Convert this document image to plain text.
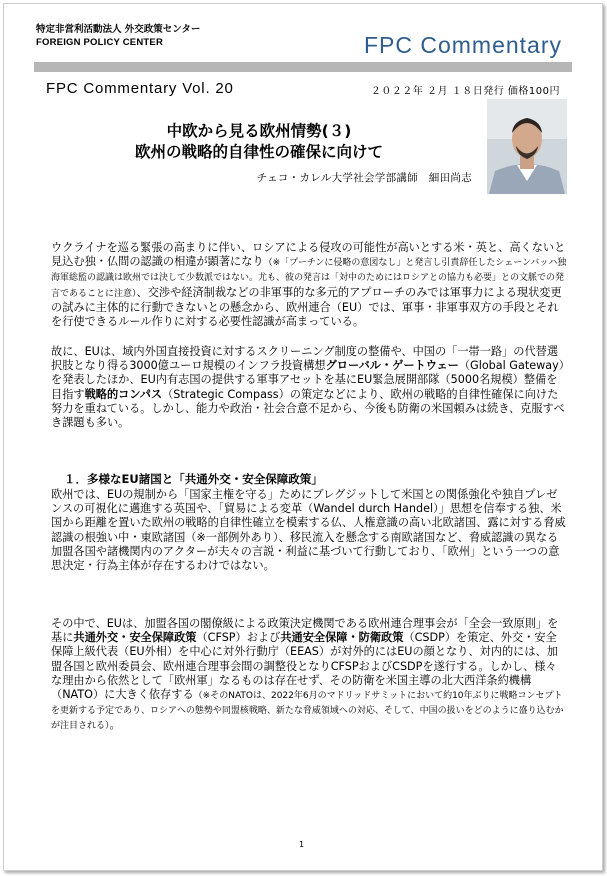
特定非営利活動法人 外交政策センター
FOREIGN POLICY CENTER	FPC Commentary
FPC Commentary Vol. 20	２０２２年 ２月 １８日発行 価格100円
中欧から見る欧州情勢(３)
欧州の戦略的自律性の確保に向けて
チェコ・カレル大学社会学部講師　細田尚志

ウクライナを巡る緊張の高まりに伴い、ロシアによる侵攻の可能性が高いとする米・英と、高くないと見込む独・仏間の認識の相違が顕著になり（※「プーチンに侵略の意図なし」と発言し引責辞任したシェーンバッハ独海軍総監の認識は欧州では決して少数派ではない。尤も、彼の発言は「対中のためにはロシアとの協力も必要」との文脈での発言であることに注意）、交渉や経済制裁などの非軍事的な多元的アプローチのみでは軍事力による現状変更の試みに主体的に行動できないとの懸念から、欧州連合（EU）では、軍事・非軍事双方の手段とそれを行使できるルール作りに対する必要性認識が高まっている。

故に、EUは、域内外国直接投資に対するスクリーニング制度の整備や、中国の「一帯一路」の代替選択肢となり得る3000億ユーロ規模のインフラ投資構想グローバル・ゲートウェー（Global Gateway）を発表したほか、EU内有志国の提供する軍事アセットを基にEU緊急展開部隊（5000名規模）整備を目指す戦略的コンパス（Strategic Compass）の策定などにより、欧州の戦略的自律性確保に向けた努力を重ねている。しかし、能力や政治・社会合意不足から、今後も防衛の米国頼みは続き、克服すべき課題も多い。

１．多様なEU諸国と「共通外交・安全保障政策」

欧州では、EUの規制から「国家主権を守る」ためにブレグジットして米国との関係強化や独自プレゼンスの可視化に邁進する英国や、「貿易による変革（Wandel durch Handel）」思想を信奉する独、米国から距離を置いた欧州の戦略的自律性確立を模索する仏、人権意識の高い北欧諸国、露に対する脅威認識の根強い中・東欧諸国（※一部例外あり）、移民流入を懸念する南欧諸国など、脅威認識の異なる加盟各国や諸機関内のアクターが夫々の言説・利益に基づいて行動しており、「欧州」という一つの意思決定・行為主体が存在するわけではない。

その中で、EUは、加盟各国の閣僚級による政策決定機関である欧州連合理事会が「全会一致原則」を基に共通外交・安全保障政策（CFSP）および共通安全保障・防衛政策（CSDP）を策定、外交・安全保障上級代表（EU外相）を中心に対外行動庁（EEAS）が対外的にはEUの顔となり、対内的には、加盟各国と欧州委員会、欧州連合理事会間の調整役となりCFSPおよびCSDPを遂行する。しかし、様々な理由から依然として「欧州軍」なるものは存在せず、その防衛を米国主導の北大西洋条約機構（NATO）に大きく依存する（※そのNATOは、2022年6月のマドリッドサミットにおいて約10年ぶりに戦略コンセプトを更新する予定であり、ロシアへの態勢や同盟核戦略、新たな脅威領域への対応、そして、中国の扱いをどのように盛り込むかが注目される）。

1
